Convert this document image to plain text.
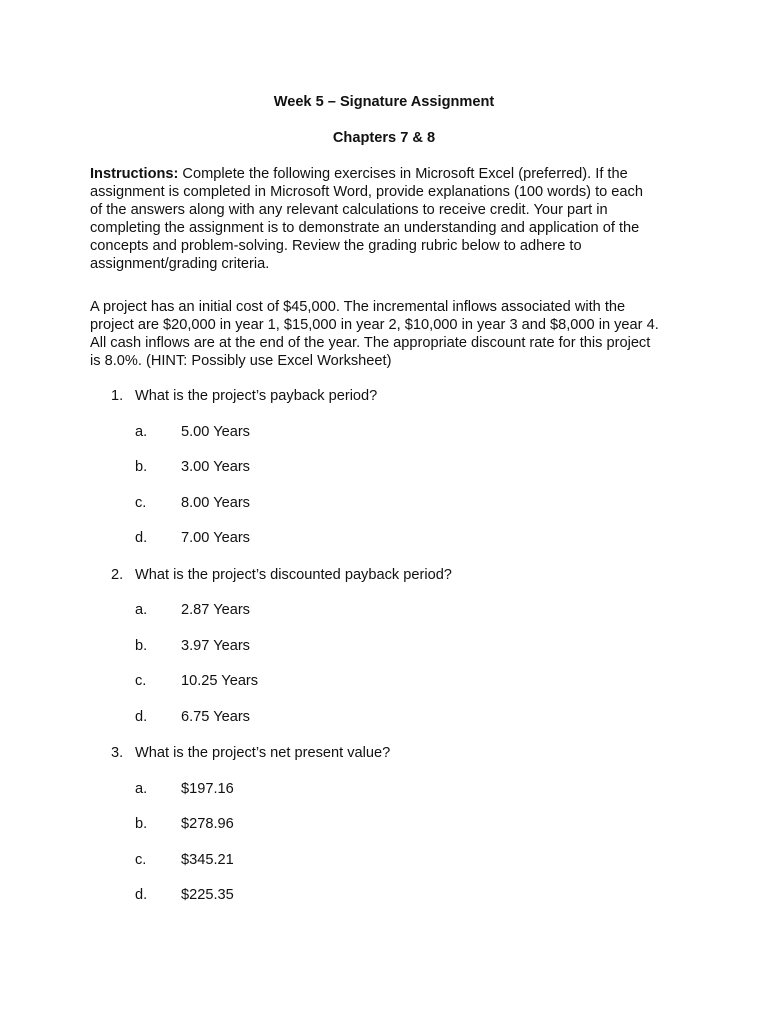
Week 5 – Signature Assignment
Chapters 7 & 8

Instructions: Complete the following exercises in Microsoft Excel (preferred). If the
assignment is completed in Microsoft Word, provide explanations (100 words) to each
of the answers along with any relevant calculations to receive credit. Your part in
completing the assignment is to demonstrate an understanding and application of the
concepts and problem-solving. Review the grading rubric below to adhere to
assignment/grading criteria.

A project has an initial cost of $45,000. The incremental inflows associated with the
project are $20,000 in year 1, $15,000 in year 2, $10,000 in year 3 and $8,000 in year 4.
All cash inflows are at the end of the year. The appropriate discount rate for this project
is 8.0%. (HINT: Possibly use Excel Worksheet)

1. What is the project’s payback period?
a. 5.00 Years
b. 3.00 Years
c. 8.00 Years
d. 7.00 Years
2. What is the project’s discounted payback period?
a. 2.87 Years
b. 3.97 Years
c. 10.25 Years
d. 6.75 Years
3. What is the project’s net present value?
a. $197.16
b. $278.96
c. $345.21
d. $225.35
